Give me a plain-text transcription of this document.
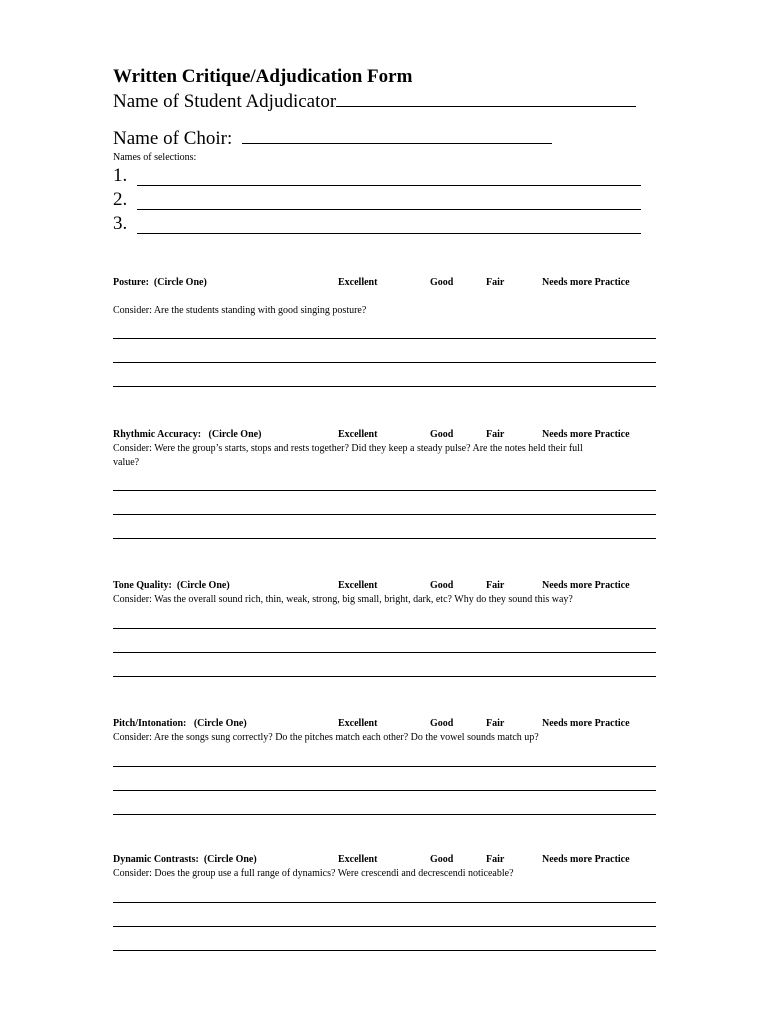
Written Critique/Adjudication Form
Name of Student Adjudicator
Name of Choir:
Names of selections:
1.
2.
3.
Posture: (Circle One)	Excellent	Good	Fair	Needs more Practice
Consider: Are the students standing with good singing posture?
Rhythmic Accuracy: (Circle One)	Excellent	Good	Fair	Needs more Practice
Consider: Were the group’s starts, stops and rests together? Did they keep a steady pulse? Are the notes held their full
value?
Tone Quality: (Circle One)	Excellent	Good	Fair	Needs more Practice
Consider: Was the overall sound rich, thin, weak, strong, big small, bright, dark, etc? Why do they sound this way?
Pitch/Intonation: (Circle One)	Excellent	Good	Fair	Needs more Practice
Consider: Are the songs sung correctly? Do the pitches match each other? Do the vowel sounds match up?
Dynamic Contrasts: (Circle One)	Excellent	Good	Fair	Needs more Practice
Consider: Does the group use a full range of dynamics? Were crescendi and decrescendi noticeable?
